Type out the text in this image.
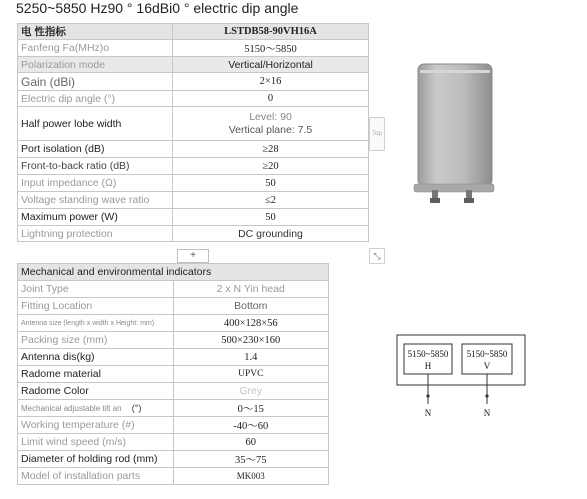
5250~5850 Hz90 ° 16dBi0 ° electric dip angle
电 性指标	LSTDB58-90VH16A
Fanfeng Fa(MHz)o	5150～5850
Polarization mode	Vertical/Horizontal
Gain (dBi)	2×16
Electric dip angle (°)	0
Half power lobe width	Level: 90
Vertical plane: 7.5

Port isolation (dB)	≥28
Front-to-back ratio (dB)	≥20
Input impedance (Ω)	50
Voltage standing wave ratio	≤2
Maximum power (W)	50
Lightning protection	DC grounding
+
Top
⤡
Mechanical and environmental indicators	
Joint Type	2 x N Yin head
Fitting Location	Bottom
Antenna size (length x width x Height: mm)	400×128×56
Packing size (mm)	500×230×160
Antenna dis(kg)	1.4
Radome material	UPVC
Radome Color	Grey
Mechanical adjustable tilt an (°)	0～15
Working temperature (#)	-40～60
Limit wind speed (m/s)	60
Diameter of holding rod (mm)	35～75
Model of installation parts	MK003
5150~5850
H
N
5150~5850
V
N
